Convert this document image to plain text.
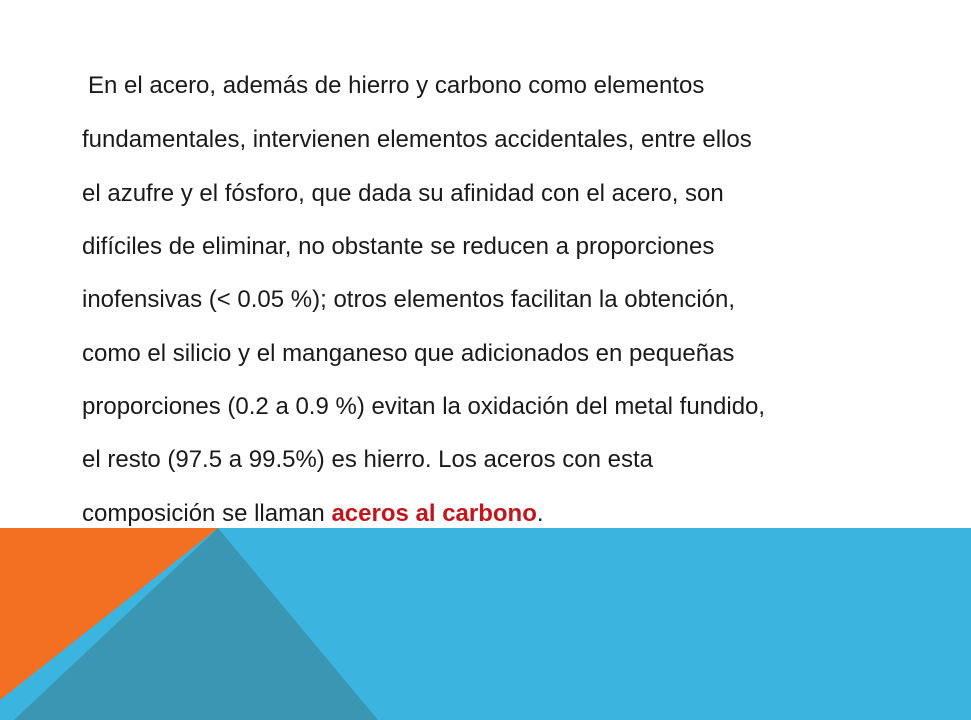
En el acero, además de hierro y carbono como elementos
fundamentales, intervienen elementos accidentales, entre ellos
el azufre y el fósforo, que dada su afinidad con el acero, son
difíciles de eliminar, no obstante se reducen a proporciones
inofensivas (< 0.05 %); otros elementos facilitan la obtención,
como el silicio y el manganeso que adicionados en pequeñas
proporciones (0.2 a 0.9 %) evitan la oxidación del metal fundido,
el resto (97.5 a 99.5%) es hierro. Los aceros con esta
composición se llaman aceros al carbono.
